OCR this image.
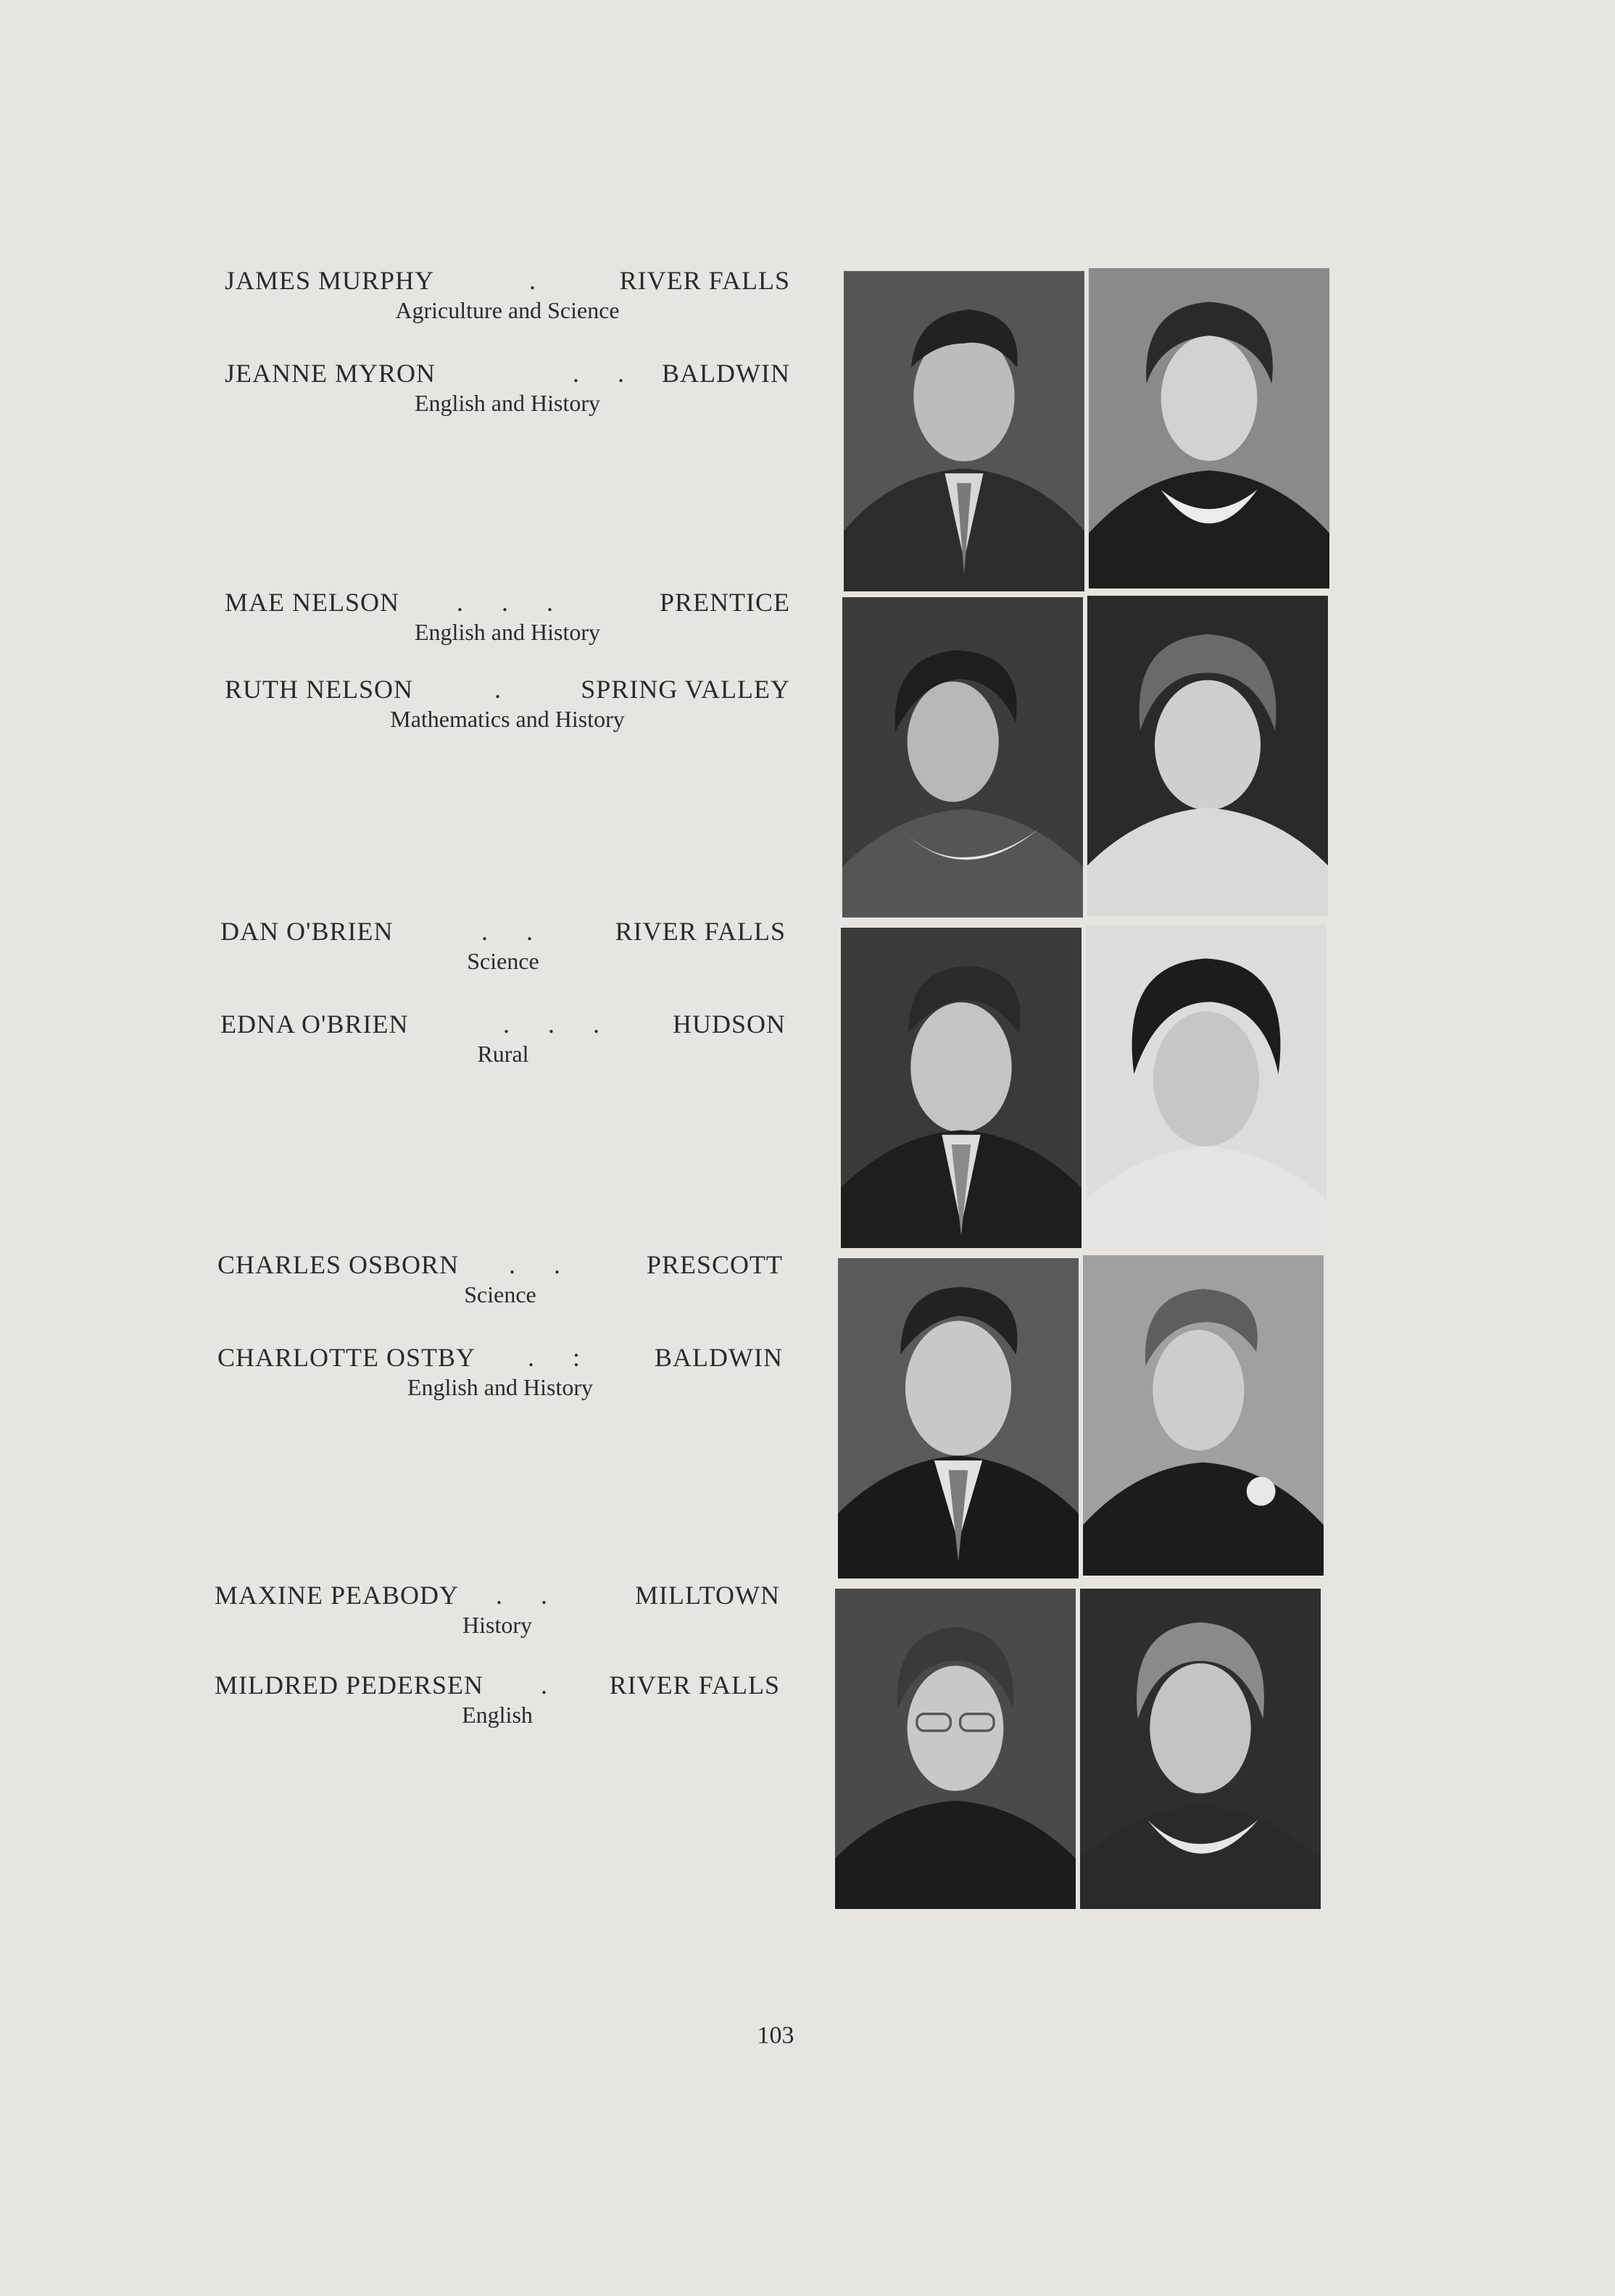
JAMES MURPHY	.	RIVER FALLS
Agriculture and Science
JEANNE MYRON	. . BALDWIN
English and History
MAE NELSON . . .	PRENTICE
English and History
RUTH NELSON	. SPRING VALLEY
Mathematics and History
DAN O'BRIEN	. .	RIVER FALLS
Science
EDNA O'BRIEN	. . . HUDSON
Rural
CHARLES OSBORN . .	PRESCOTT
Science
CHARLOTTE OSTBY . : BALDWIN
English and History
MAXINE PEABODY . .	MILLTOWN
History
MILDRED PEDERSEN . RIVER FALLS
English
103
